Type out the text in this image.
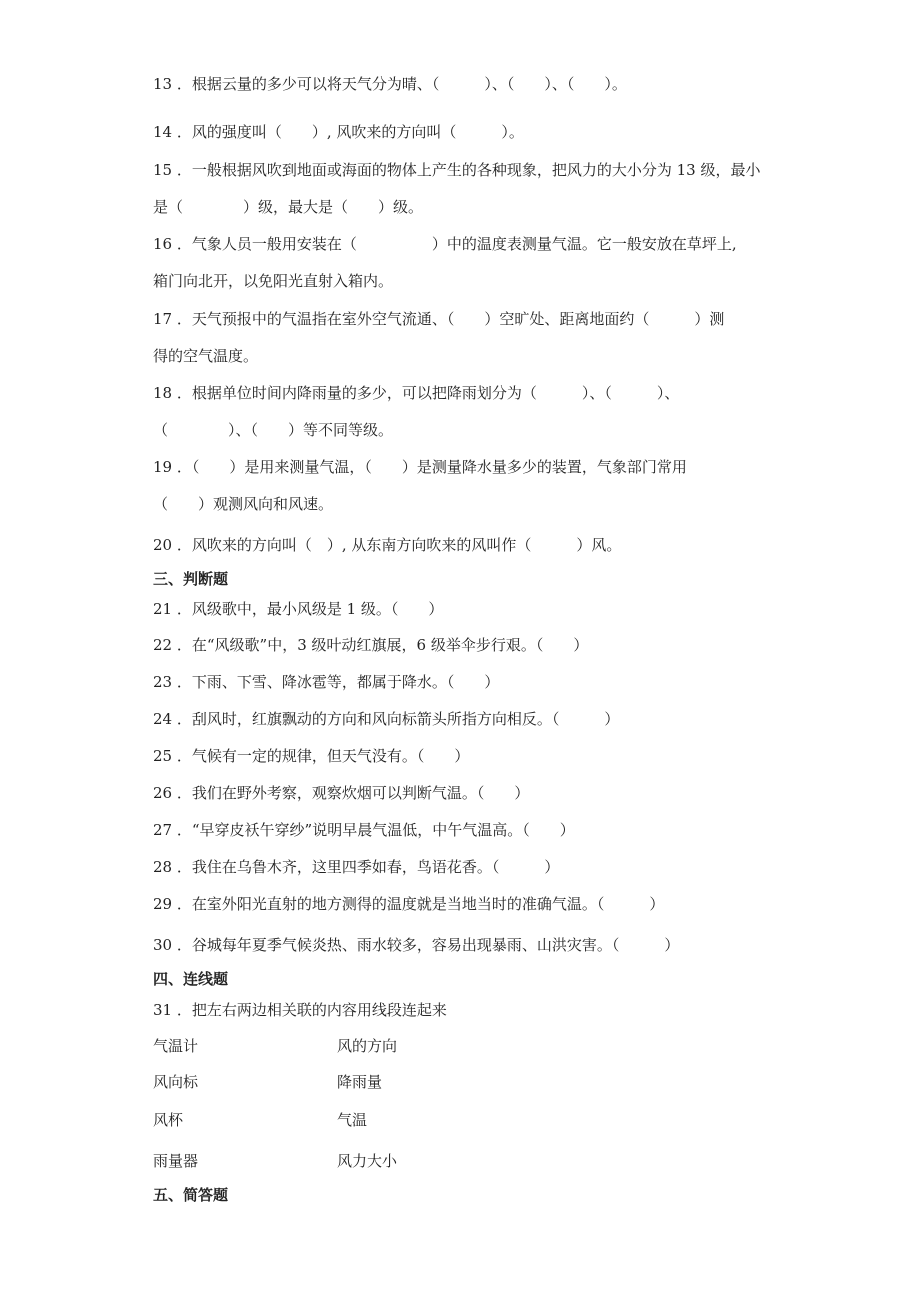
13 ．根据云量的多少可以将天气分为晴、（　　　）、（　　）、（　　）。
14 ．风的强度叫（　　）, 风吹来的方向叫（　　　）。
15 ．一般根据风吹到地面或海面的物体上产生的各种现象，把风力的大小分为 13 级，最小
是（　　　　）级，最大是（　　）级。
16 ．气象人员一般用安装在（　　　　　）中的温度表测量气温。它一般安放在草坪上,
箱门向北开，以免阳光直射入箱内。
17 ．天气预报中的气温指在室外空气流通、（　　）空旷处、距离地面约（　　　）测
得的空气温度。
18 ．根据单位时间内降雨量的多少，可以把降雨划分为（　　　）、（　　　）、
（　　　　）、（　　）等不同等级。
19 ．（　　）是用来测量气温，（　　）是测量降水量多少的装置，气象部门常用
（　　）观测风向和风速。
20 ．风吹来的方向叫（　）, 从东南方向吹来的风叫作（　　　）风。
三、判断题
21 ．风级歌中，最小风级是 1 级。（　　）
22 ．在“风级歌”中，3 级叶动红旗展，6 级举伞步行艰。（　　）
23 ．下雨、下雪、降冰雹等，都属于降水。（　　）
24 ．刮风时，红旗飘动的方向和风向标箭头所指方向相反。（　　　）
25 ．气候有一定的规律，但天气没有。（　　）
26 ．我们在野外考察，观察炊烟可以判断气温。（　　）
27 ．“早穿皮袄午穿纱”说明早晨气温低，中午气温高。（　　）
28 ．我住在乌鲁木齐，这里四季如春，鸟语花香。（　　　）
29 ．在室外阳光直射的地方测得的温度就是当地当时的准确气温。（　　　）
30 ．谷城每年夏季气候炎热、雨水较多，容易出现暴雨、山洪灾害。（　　　）
四、连线题
31 ．把左右两边相关联的内容用线段连起来
气温计	风的方向
风向标	降雨量
风杯	气温
雨量器	风力大小
五、简答题
